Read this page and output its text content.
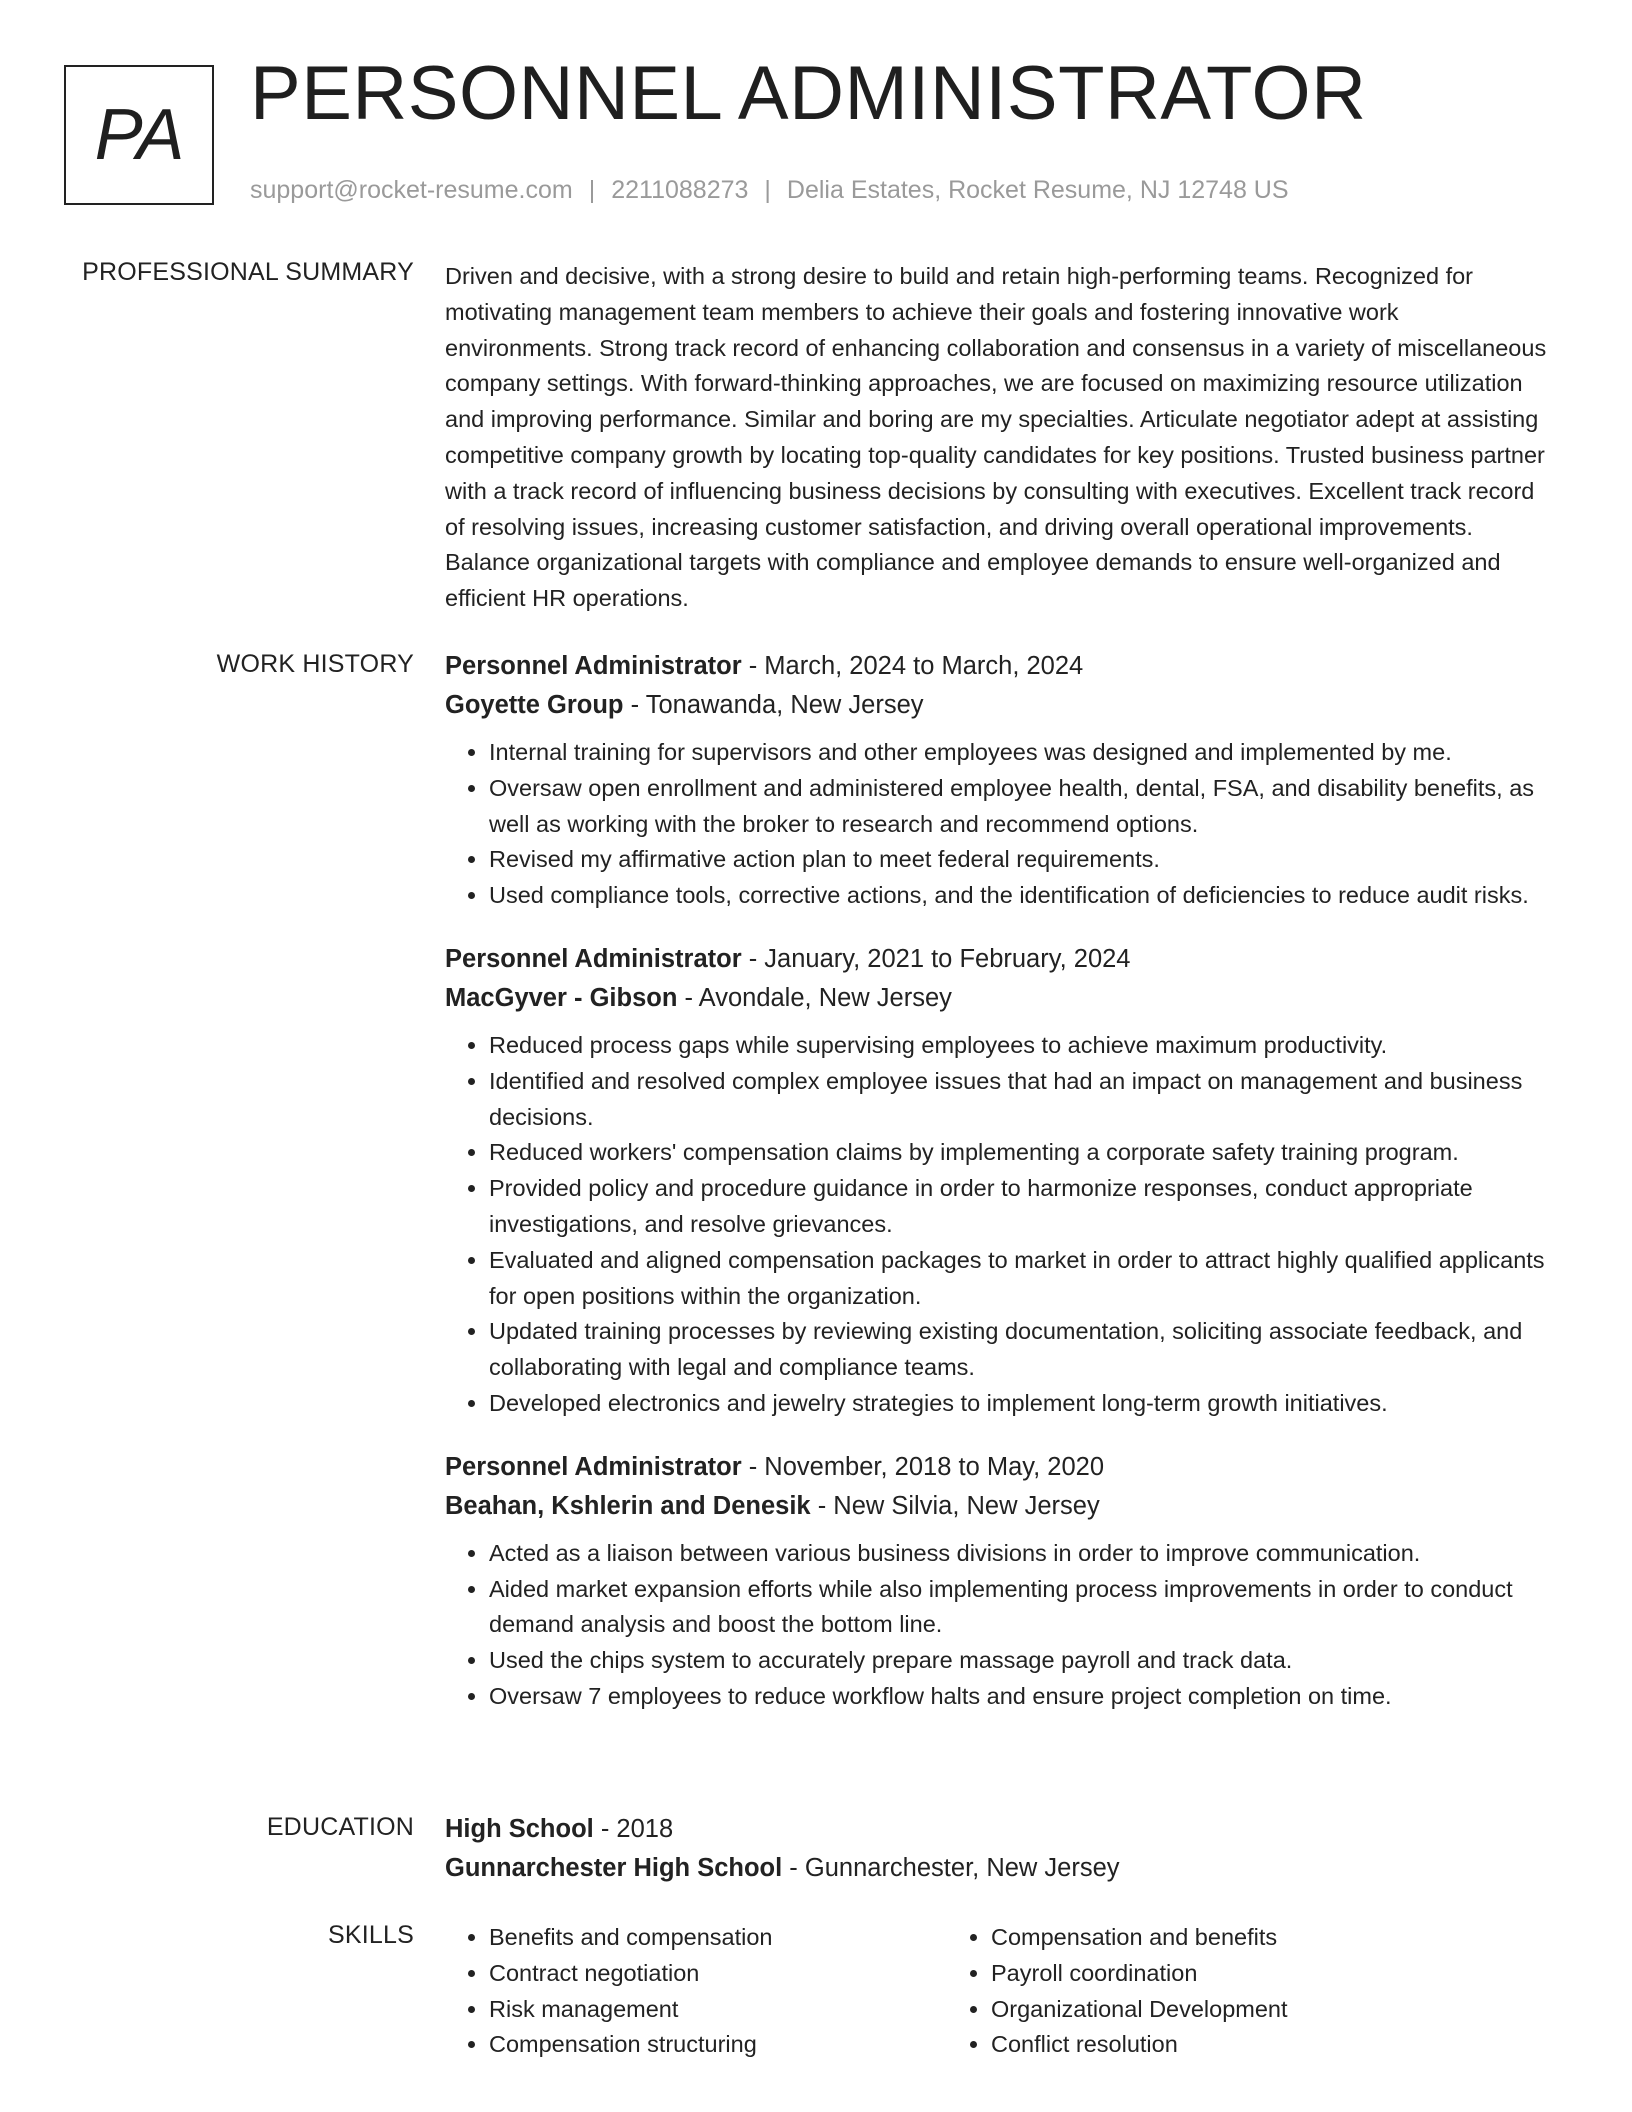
PA PERSONNEL ADMINISTRATOR
support@rocket-resume.com | 2211088273 | Delia Estates, Rocket Resume, NJ 12748 US
PROFESSIONAL SUMMARY Driven and decisive, with a strong desire to build and retain high-performing teams. Recognized for motivating management team members to achieve their goals and fostering innovative work environments. Strong track record of enhancing collaboration and consensus in a variety of miscellaneous company settings. With forward-thinking approaches, we are focused on maximizing resource utilization and improving performance. Similar and boring are my specialties. Articulate negotiator adept at assisting competitive company growth by locating top-quality candidates for key positions. Trusted business partner with a track record of influencing business decisions by consulting with executives. Excellent track record of resolving issues, increasing customer satisfaction, and driving overall operational improvements. Balance organizational targets with compliance and employee demands to ensure well-organized and efficient HR operations.

WORK HISTORY Personnel Administrator - March, 2024 to March, 2024
Goyette Group - Tonawanda, New Jersey
• Internal training for supervisors and other employees was designed and implemented by me.
• Oversaw open enrollment and administered employee health, dental, FSA, and disability benefits, as well as working with the broker to research and recommend options.
• Revised my affirmative action plan to meet federal requirements.
• Used compliance tools, corrective actions, and the identification of deficiencies to reduce audit risks.
Personnel Administrator - January, 2021 to February, 2024
MacGyver - Gibson - Avondale, New Jersey
• Reduced process gaps while supervising employees to achieve maximum productivity.
• Identified and resolved complex employee issues that had an impact on management and business decisions.
• Reduced workers' compensation claims by implementing a corporate safety training program.
• Provided policy and procedure guidance in order to harmonize responses, conduct appropriate investigations, and resolve grievances.
• Evaluated and aligned compensation packages to market in order to attract highly qualified applicants for open positions within the organization.
• Updated training processes by reviewing existing documentation, soliciting associate feedback, and collaborating with legal and compliance teams.
• Developed electronics and jewelry strategies to implement long-term growth initiatives.
Personnel Administrator - November, 2018 to May, 2020
Beahan, Kshlerin and Denesik - New Silvia, New Jersey
• Acted as a liaison between various business divisions in order to improve communication.
• Aided market expansion efforts while also implementing process improvements in order to conduct demand analysis and boost the bottom line.
• Used the chips system to accurately prepare massage payroll and track data.
• Oversaw 7 employees to reduce workflow halts and ensure project completion on time.
EDUCATION High School - 2018
Gunnarchester High School - Gunnarchester, New Jersey
SKILLS
•	Benefits and compensation
• Contract negotiation
• Risk management
• Compensation structuring
• Compensation and benefits
• Payroll coordination
• Organizational Development
• Conflict resolution
